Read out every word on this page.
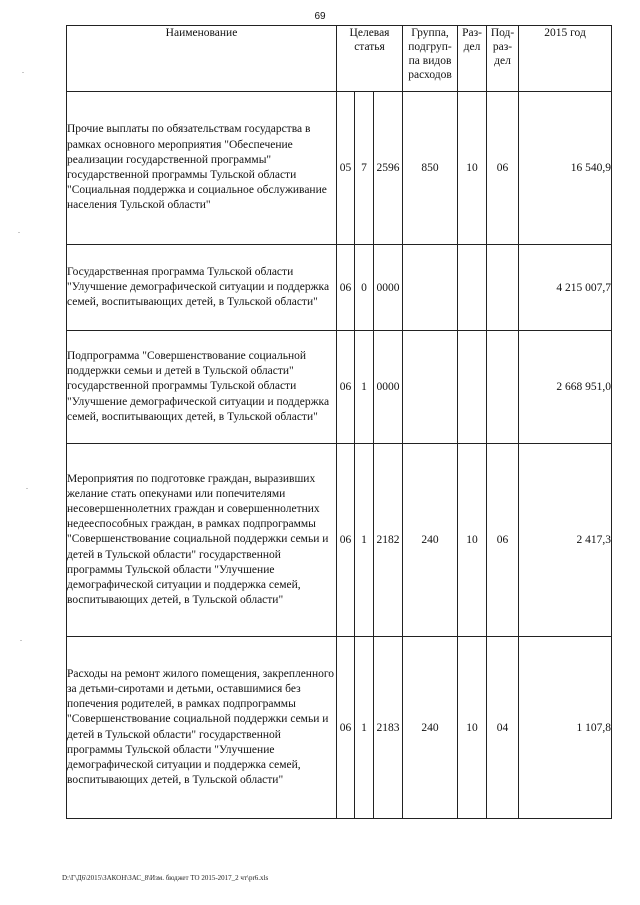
69
Наименование	Целевая статья			Группа, подгруп- па видов расходов	Раз- дел	Под- раз- дел	2015 год
Прочие выплаты по обязательствам государства в рамках основного мероприятия "Обеспечение реализации государственной программы" государственной программы Тульской области "Социальная поддержка и социальное обслуживание населения Тульской области"	05	7	2596	850	10	06	16 540,9
Государственная программа Тульской области "Улучшение демографической ситуации и поддержка семей, воспитывающих детей, в Тульской области"	06	0	0000				4 215 007,7
Подпрограмма "Совершенствование социальной поддержки семьи и детей в Тульской области" государственной программы Тульской области "Улучшение демографической ситуации и поддержка семей, воспитывающих детей, в Тульской области"	06	1	0000				2 668 951,0
Мероприятия по подготовке граждан, выразивших желание стать опекунами или попечителями несовершеннолетних граждан и совершеннолетних недееспособных граждан, в рамках подпрограммы "Совершенствование социальной поддержки семьи и детей в Тульской области" государственной программы Тульской области "Улучшение демографической ситуации и поддержка семей, воспитывающих детей, в Тульской области"	06	1	2182	240	10	06	2 417,3
Расходы на ремонт жилого помещения, закрепленного за детьми-сиротами и детьми, оставшимися без попечения родителей, в рамках подпрограммы "Совершенствование социальной поддержки семьи и детей в Тульской области" государственной программы Тульской области "Улучшение демографической ситуации и поддержка семей, воспитывающих детей, в Тульской области"	06	1	2183	240	10	04	1 107,8
D:\Г\Д6\2015\ЗАКОН\ЗАС_8\Изм. бюджет ТО 2015-2017_2 чт\pr6.xls
